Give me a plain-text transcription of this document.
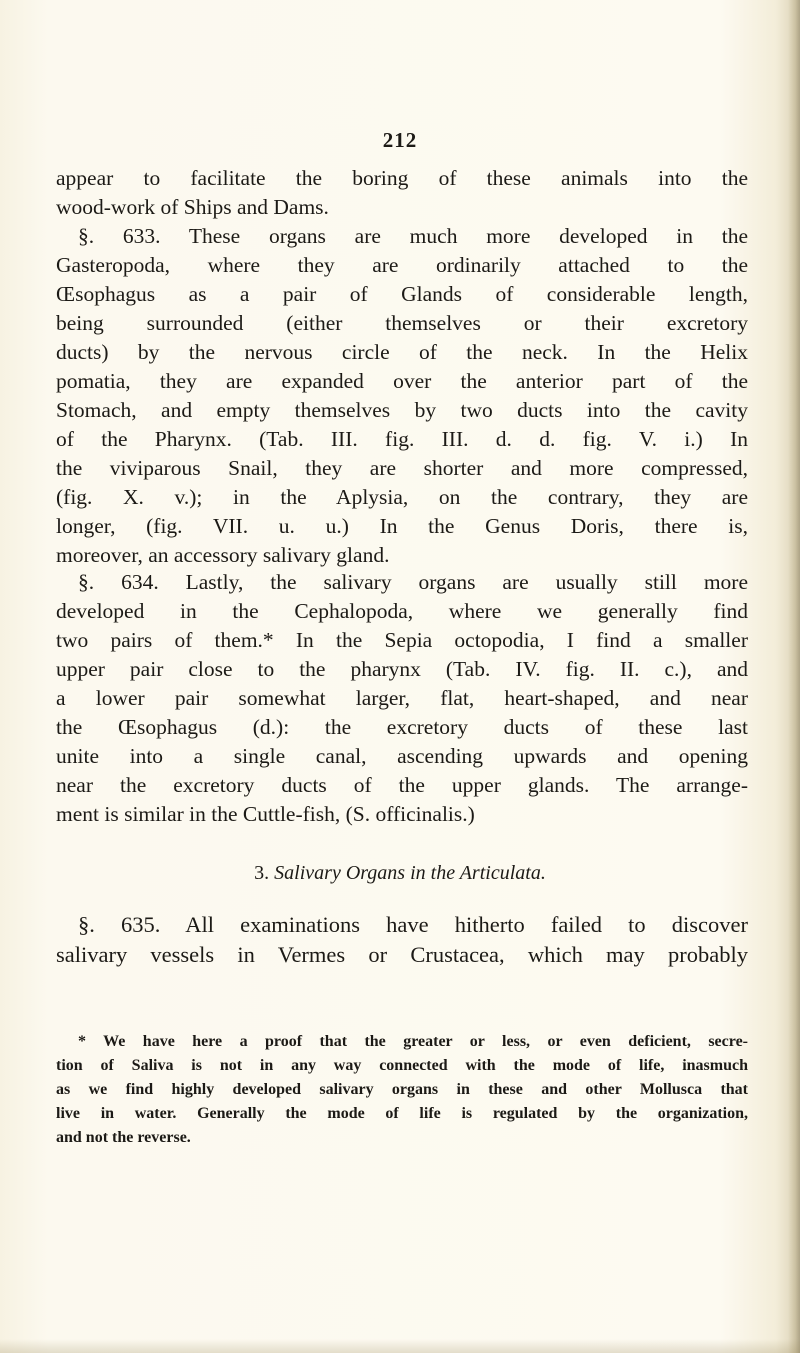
212

appear to facilitate the boring of these animals into the
wood-work of Ships and Dams.

§. 633. These organs are much more developed in the
Gasteropoda, where they are ordinarily attached to the
Œsophagus as a pair of Glands of considerable length,
being surrounded (either themselves or their excretory
ducts) by the nervous circle of the neck. In the Helix
pomatia, they are expanded over the anterior part of the
Stomach, and empty themselves by two ducts into the cavity
of the Pharynx. (Tab. III. fig. III. d. d. fig. V. i.) In
the viviparous Snail, they are shorter and more compressed,
(fig. X. v.); in the Aplysia, on the contrary, they are
longer, (fig. VII. u. u.) In the Genus Doris, there is,
moreover, an accessory salivary gland.

§. 634. Lastly, the salivary organs are usually still more
developed in the Cephalopoda, where we generally find
two pairs of them.* In the Sepia octopodia, I find a smaller
upper pair close to the pharynx (Tab. IV. fig. II. c.), and
a lower pair somewhat larger, flat, heart-shaped, and near
the Œsophagus (d.): the excretory ducts of these last
unite into a single canal, ascending upwards and opening
near the excretory ducts of the upper glands. The arrange-
ment is similar in the Cuttle-fish, (S. officinalis.)

3. Salivary Organs in the Articulata.

§. 635. All examinations have hitherto failed to discover
salivary vessels in Vermes or Crustacea, which may probably

* We have here a proof that the greater or less, or even deficient, secre-
tion of Saliva is not in any way connected with the mode of life, inasmuch
as we find highly developed salivary organs in these and other Mollusca that
live in water. Generally the mode of life is regulated by the organization,
and not the reverse.
